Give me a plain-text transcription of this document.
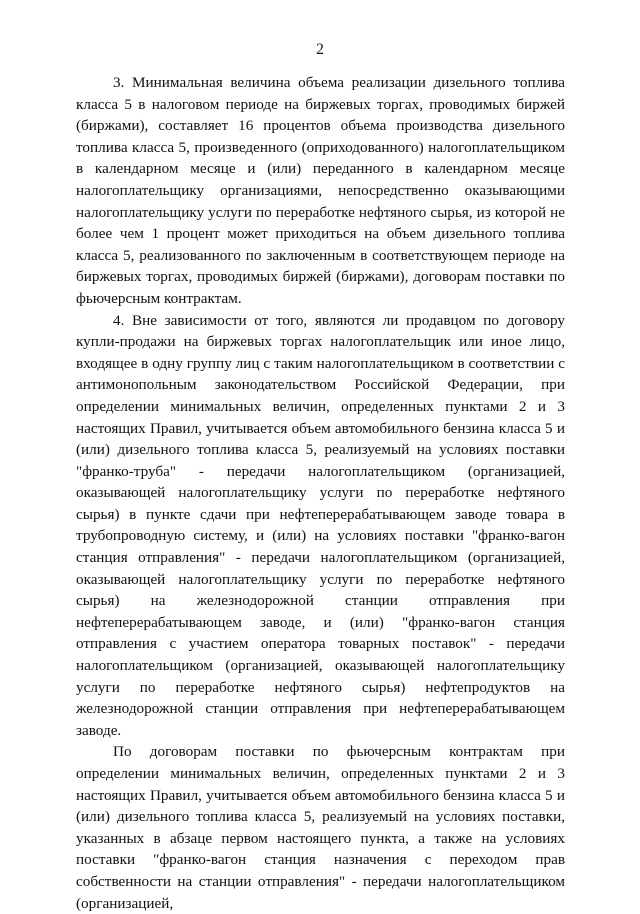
2

3. Минимальная величина объема реализации дизельного топлива класса 5 в налоговом периоде на биржевых торгах, проводимых биржей (биржами), составляет 16 процентов объема производства дизельного топлива класса 5, произведенного (оприходованного) налогоплательщиком в календарном месяце и (или) переданного в календарном месяце налогоплательщику организациями, непосредственно оказывающими налогоплательщику услуги по переработке нефтяного сырья, из которой не более чем 1 процент может приходиться на объем дизельного топлива класса 5, реализованного по заключенным в соответствующем периоде на биржевых торгах, проводимых биржей (биржами), договорам поставки по фьючерсным контрактам.

4. Вне зависимости от того, являются ли продавцом по договору купли-продажи на биржевых торгах налогоплательщик или иное лицо, входящее в одну группу лиц с таким налогоплательщиком в соответствии с антимонопольным законодательством Российской Федерации, при определении минимальных величин, определенных пунктами 2 и 3 настоящих Правил, учитывается объем автомобильного бензина класса 5 и (или) дизельного топлива класса 5, реализуемый на условиях поставки "франко-труба" - передачи налогоплательщиком (организацией, оказывающей налогоплательщику услуги по переработке нефтяного сырья) в пункте сдачи при нефтеперерабатывающем заводе товара в трубопроводную систему, и (или) на условиях поставки "франко-вагон станция отправления" - передачи налогоплательщиком (организацией, оказывающей налогоплательщику услуги по переработке нефтяного сырья) на железнодорожной станции отправления при нефтеперерабатывающем заводе, и (или) "франко-вагон станция отправления с участием оператора товарных поставок" - передачи налогоплательщиком (организацией, оказывающей налогоплательщику услуги по переработке нефтяного сырья) нефтепродуктов на железнодорожной станции отправления при нефтеперерабатывающем заводе.

По договорам поставки по фьючерсным контрактам при определении минимальных величин, определенных пунктами 2 и 3 настоящих Правил, учитывается объем автомобильного бензина класса 5 и (или) дизельного топлива класса 5, реализуемый на условиях поставки, указанных в абзаце первом настоящего пункта, а также на условиях поставки "франко-вагон станция назначения с переходом прав собственности на станции отправления" - передачи налогоплательщиком (организацией,
